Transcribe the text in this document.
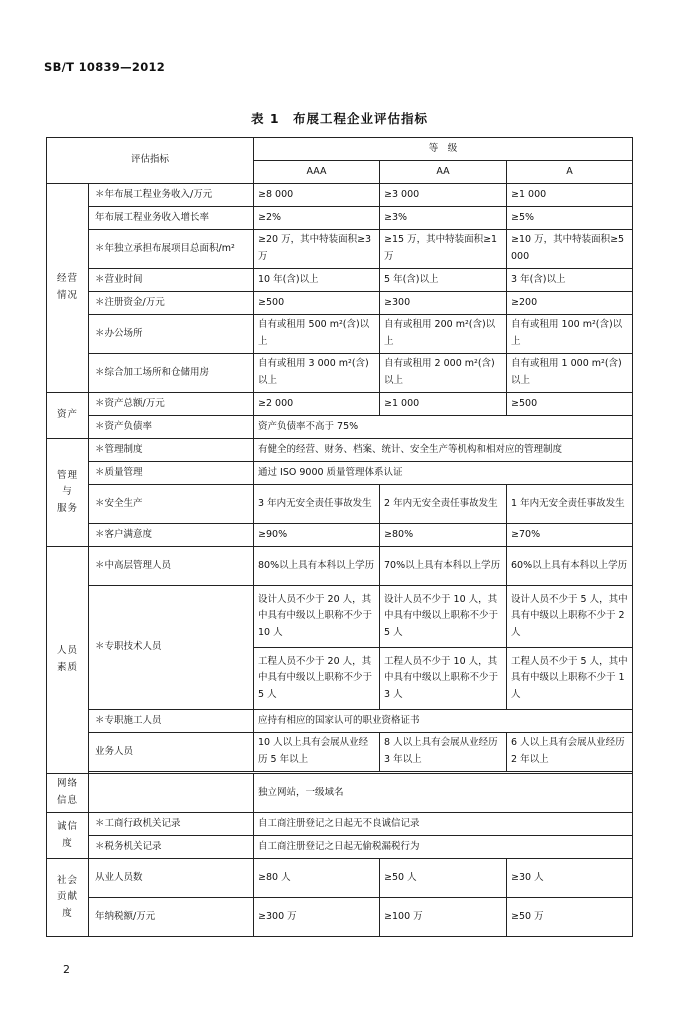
SB/T 10839—2012
表 1　布展工程企业评估指标
评估指标		等　级		
		AAA	AA	A
经营
情况	＊年布展工程业务收入/万元	≥8 000	≥3 000	≥1 000
	年布展工程业务收入增长率	≥2%	≥3%	≥5%
	＊年独立承担布展项目总面积/m²	≥20 万，其中特装面积≥3 万	≥15 万，其中特装面积≥1 万	≥10 万，其中特装面积≥5 000
	＊营业时间	10 年(含)以上	5 年(含)以上	3 年(含)以上
	＊注册资金/万元	≥500	≥300	≥200
	＊办公场所	自有或租用 500 m²(含)以上	自有或租用 200 m²(含)以上	自有或租用 100 m²(含)以上
	＊综合加工场所和仓储用房	自有或租用 3 000 m²(含)以上	自有或租用 2 000 m²(含)以上	自有或租用 1 000 m²(含)以上
资产	＊资产总额/万元	≥2 000	≥1 000	≥500
	＊资产负债率	资产负债率不高于 75%		
管理
与
服务	＊管理制度	有健全的经营、财务、档案、统计、安全生产等机构和相对应的管理制度		
	＊质量管理	通过 ISO 9000 质量管理体系认证		
	＊安全生产	3 年内无安全责任事故发生	2 年内无安全责任事故发生	1 年内无安全责任事故发生
	＊客户满意度	≥90%	≥80%	≥70%
人员
素质	＊中高层管理人员	80%以上具有本科以上学历	70%以上具有本科以上学历	60%以上具有本科以上学历
	＊专职技术人员	设计人员不少于 20 人，其中具有中级以上职称不少于 10 人	设计人员不少于 10 人，其中具有中级以上职称不少于 5 人	设计人员不少于 5 人，其中具有中级以上职称不少于 2 人
		工程人员不少于 20 人，其中具有中级以上职称不少于 5 人	工程人员不少于 10 人，其中具有中级以上职称不少于 3 人	工程人员不少于 5 人，其中具有中级以上职称不少于 1 人
	＊专职施工人员	应持有相应的国家认可的职业资格证书		
	业务人员	10 人以上具有会展从业经历 5 年以上	8 人以上具有会展从业经历 3 年以上	6 人以上具有会展从业经历 2 年以上

网络
信息		独立网站，一级域名		
诚信
度	＊工商行政机关记录	自工商注册登记之日起无不良诚信记录		
	＊税务机关记录	自工商注册登记之日起无偷税漏税行为		
社会
贡献
度	从业人员数	≥80 人	≥50 人	≥30 人
	年纳税额/万元	≥300 万	≥100 万	≥50 万
2
